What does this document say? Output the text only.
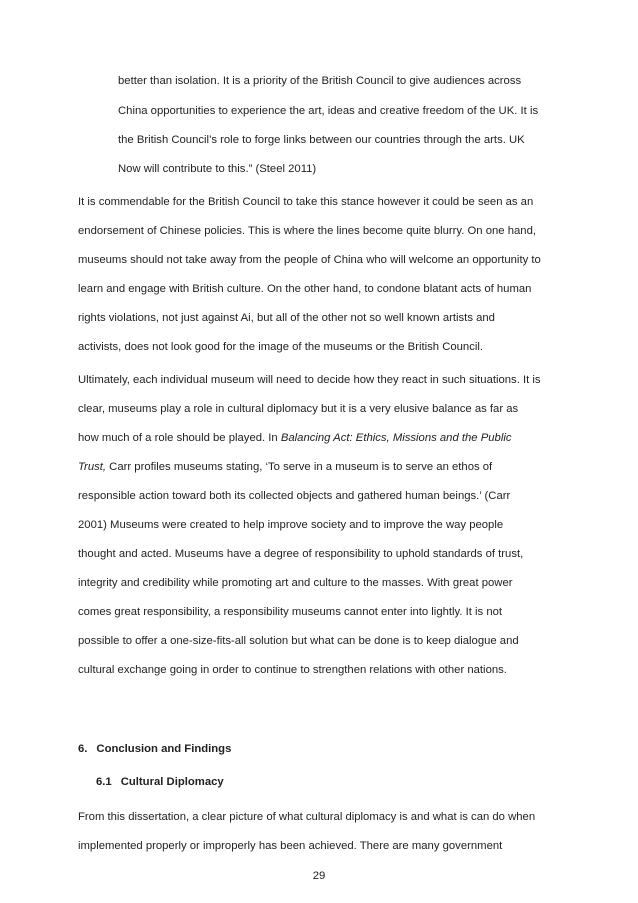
better than isolation. It is a priority of the British Council to give audiences across
China opportunities to experience the art, ideas and creative freedom of the UK. It is
the British Council’s role to forge links between our countries through the arts. UK
Now will contribute to this.” (Steel 2011)
It is commendable for the British Council to take this stance however it could be seen as an
endorsement of Chinese policies. This is where the lines become quite blurry. On one hand,
museums should not take away from the people of China who will welcome an opportunity to
learn and engage with British culture. On the other hand, to condone blatant acts of human
rights violations, not just against Ai, but all of the other not so well known artists and
activists, does not look good for the image of the museums or the British Council.
Ultimately, each individual museum will need to decide how they react in such situations. It is
clear, museums play a role in cultural diplomacy but it is a very elusive balance as far as
how much of a role should be played. In Balancing Act: Ethics, Missions and the Public
Trust, Carr profiles museums stating, ‘To serve in a museum is to serve an ethos of
responsible action toward both its collected objects and gathered human beings.’ (Carr
2001) Museums were created to help improve society and to improve the way people
thought and acted. Museums have a degree of responsibility to uphold standards of trust,
integrity and credibility while promoting art and culture to the masses. With great power
comes great responsibility, a responsibility museums cannot enter into lightly. It is not
possible to offer a one-size-fits-all solution but what can be done is to keep dialogue and
cultural exchange going in order to continue to strengthen relations with other nations.
6. Conclusion and Findings
6.1 Cultural Diplomacy
From this dissertation, a clear picture of what cultural diplomacy is and what is can do when
implemented properly or improperly has been achieved. There are many government
29
